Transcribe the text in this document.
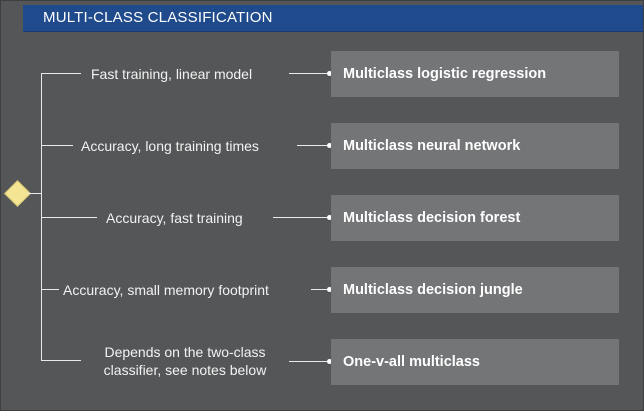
MULTI-CLASS CLASSIFICATION
Fast training, linear model	Multiclass logistic regression
Accuracy, long training times	Multiclass neural network
Accuracy, fast training	Multiclass decision forest
Accuracy, small memory footprint	Multiclass decision jungle
Depends on the two-class classifier, see notes below	One-v-all multiclass
